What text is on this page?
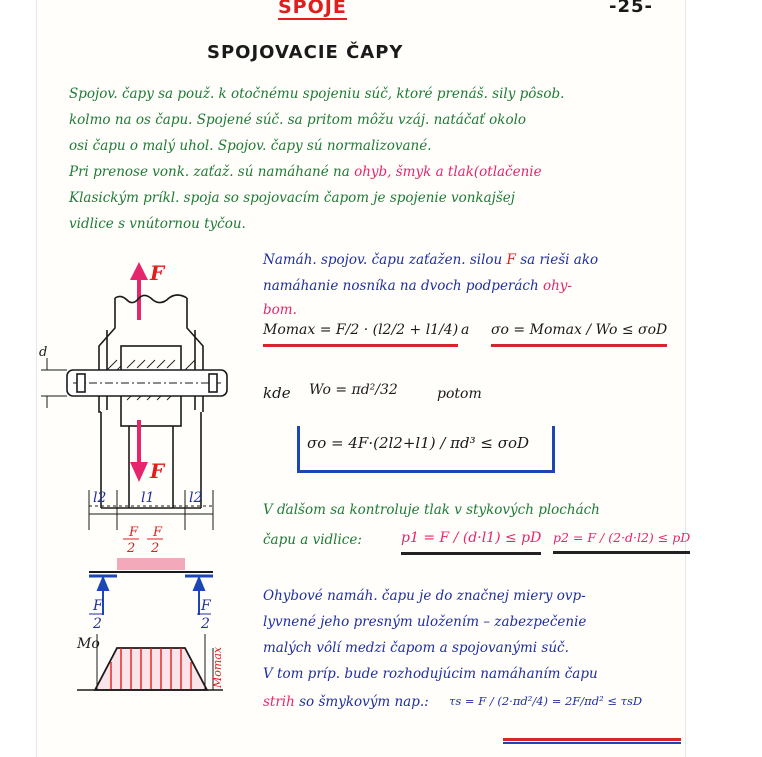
SPOJE	-25-
SPOJOVACIE ČAPY
Spojov. čapy sa použ. k otočnému spojeniu súč, ktoré prenáš. sily pôsob.
kolmo na os čapu. Spojené súč. sa pritom môžu vzáj. natáčať okolo
osi čapu o malý uhol. Spojov. čapy sú normalizované.
Pri prenose vonk. zaťaž. sú namáhané na ohyb, šmyk a tlak(otlačenie
Klasickým príkl. spoja so spojovacím čapom je spojenie vonkajšej
vidlice s vnútornou tyčou.
Namáh. spojov. čapu zaťažen. silou F sa rieši ako
namáhanie nosníka na dvoch podperách ohy-
bom.
Momax = F/2 · (l2/2 + l1/4) a σo = Momax / Wo ≤ σoD
kde Wo = πd²/32	potom
σo = 4F·(2l2+l1) / πd³ ≤ σoD
V ďalšom sa kontroluje tlak v stykových plochách
čapu a vidlice:	p1 = F / (d·l1) ≤ pD p2 = F / (2·d·l2) ≤ pD
Ohybové namáh. čapu je do značnej miery ovp-
lyvnené jeho presným uložením – zabezpečenie
malých vôlí medzi čapom a spojovanými súč.
V tom príp. bude rozhodujúcim namáhaním čapu
strih so šmykovým nap.: τs = F / (2·πd²/4) = 2F/πd² ≤ τsD
F
d
F
l2 l1 l2
F
2
F
2
F
2
F
2
Mo
Momax
